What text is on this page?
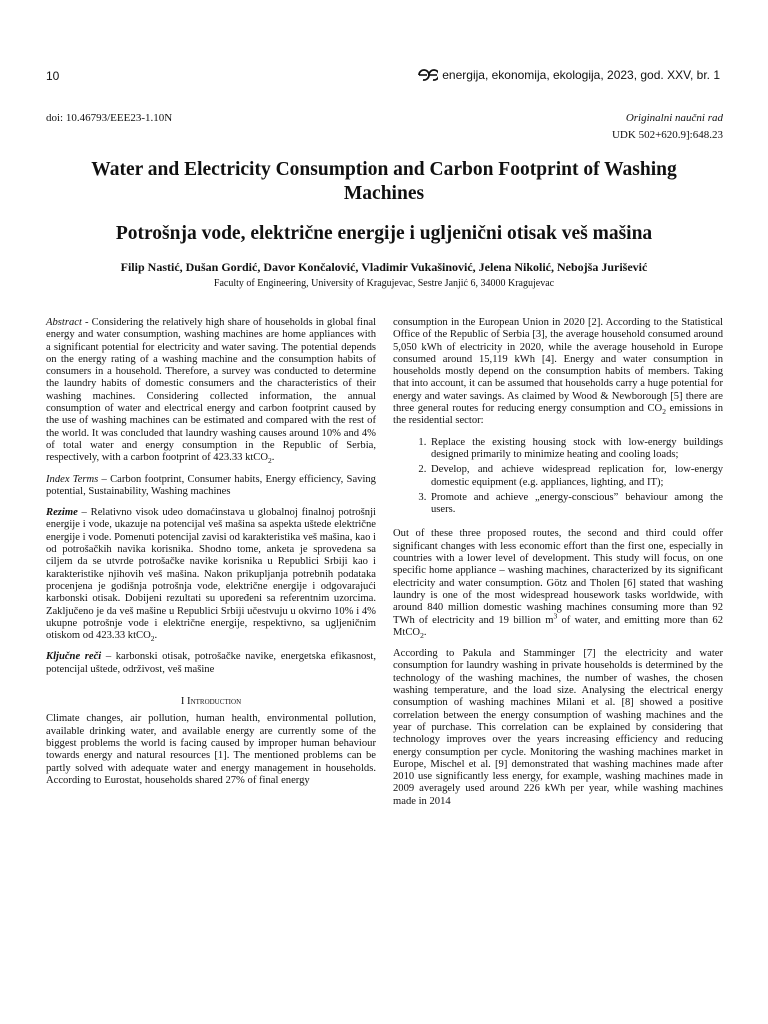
10	energija, ekonomija, ekologija, 2023, god. XXV, br. 1
doi: 10.46793/EEE23-1.10N	Originalni naučni rad
UDK 502+620.9]:648.23
Water and Electricity Consumption and Carbon Footprint of Washing Machines
Potrošnja vode, električne energije i ugljenični otisak veš mašina
Filip Nastić, Dušan Gordić, Davor Končalović, Vladimir Vukašinović, Jelena Nikolić, Nebojša Jurišević
Faculty of Engineering, University of Kragujevac, Sestre Janjić 6, 34000 Kragujevac

Abstract - Considering the relatively high share of households in global final energy and water consumption, washing machines are home appliances with a significant potential for electricity and water saving. The potential depends on the energy rating of a washing machine and the consumption habits of consumers in a household. Therefore, a survey was conducted to determine the laundry habits of domestic consumers and the characteristics of their washing machines. Considering collected information, the annual consumption of water and electrical energy and carbon footprint caused by the use of washing machines can be estimated and compared with the rest of the world. It was concluded that laundry washing causes around 10% and 4% of total water and energy consumption in the Republic of Serbia, respectively, with a carbon footprint of 423.33 ktCO$_2$.

Index Terms – Carbon footprint, Consumer habits, Energy efficiency, Saving potential, Sustainability, Washing machines

Rezime – Relativno visok udeo domaćinstava u globalnoj finalnoj potrošnji energije i vode, ukazuje na potencijal veš mašina sa aspekta uštede električne energije i vode. Pomenuti potencijal zavisi od karakteristika veš mašina, kao i od potrošačkih navika korisnika. Shodno tome, anketa je sprovedena sa ciljem da se utvrde potrošačke navike korisnika u Republici Srbiji kao i karakteristike njihovih veš mašina. Nakon prikupljanja potrebnih podataka procenjena je godišnja potrošnja vode, električne energije i odgovarajući karbonski otisak. Dobijeni rezultati su upoređeni sa referentnim uzorcima. Zaključeno je da veš mašine u Republici Srbiji učestvuju u okvirno 10% i 4% ukupne potrošnje vode i električne energije, respektivno, sa ugljeničnim otiskom od 423.33 ktCO$_2$.

Ključne reči – karbonski otisak, potrošačke navike, energetska efikasnost, potencijal uštede, održivost, veš mašine

I Introduction

Climate changes, air pollution, human health, environmental pollution, available drinking water, and available energy are currently some of the biggest problems the world is facing caused by improper human behaviour towards energy and natural resources [1]. The mentioned problems can be partly solved with adequate water and energy management in households. According to Eurostat, households shared 27% of final energy

consumption in the European Union in 2020 [2]. According to the Statistical Office of the Republic of Serbia [3], the average household consumed around 5,050 kWh of electricity in 2020, while the average household in Europe consumed around 15,119 kWh [4]. Energy and water consumption in households mostly depend on the consumption habits of members. Taking that into account, it can be assumed that households carry a huge potential for energy and water savings. As claimed by Wood & Newborough [5] there are three general routes for reducing energy consumption and $CO_2$ emissions in the residential sector:

1. Replace the existing housing stock with low-energy buildings designed primarily to minimize heating and cooling loads;
2. Develop, and achieve widespread replication for, low-energy domestic equipment (e.g. appliances, lighting, and IT);
3. Promote and achieve „energy-conscious” behaviour among the users.

Out of these three proposed routes, the second and third could offer significant changes with less economic effort than the first one, especially in countries with a lower level of development. This study will focus, on one specific home appliance – washing machines, characterized by its significant electricity and water consumption. Götz and Tholen [6] stated that washing laundry is one of the most widespread housework tasks worldwide, with around 840 million domestic washing machines consuming more than 92 TWh of electricity and 19 billion $m^3$ of water, and emitting more than 62 MtCO$_2$.

According to Pakula and Stamminger [7] the electricity and water consumption for laundry washing in private households is determined by the technology of the washing machines, the number of washes, the chosen washing temperature, and the load size. Analysing the electrical energy consumption of washing machines Milani et al. [8] showed a positive correlation between the energy consumption of washing machines and the year of purchase. This correlation can be explained by considering that technology improves over the years increasing efficiency and reducing energy consumption per cycle. Monitoring the washing machines market in Europe, Mischel et al. [9] demonstrated that washing machines made after 2010 use significantly less energy, for example, washing machines made in 2009 averagely used around 226 kWh per year, while washing machines made in 2014
